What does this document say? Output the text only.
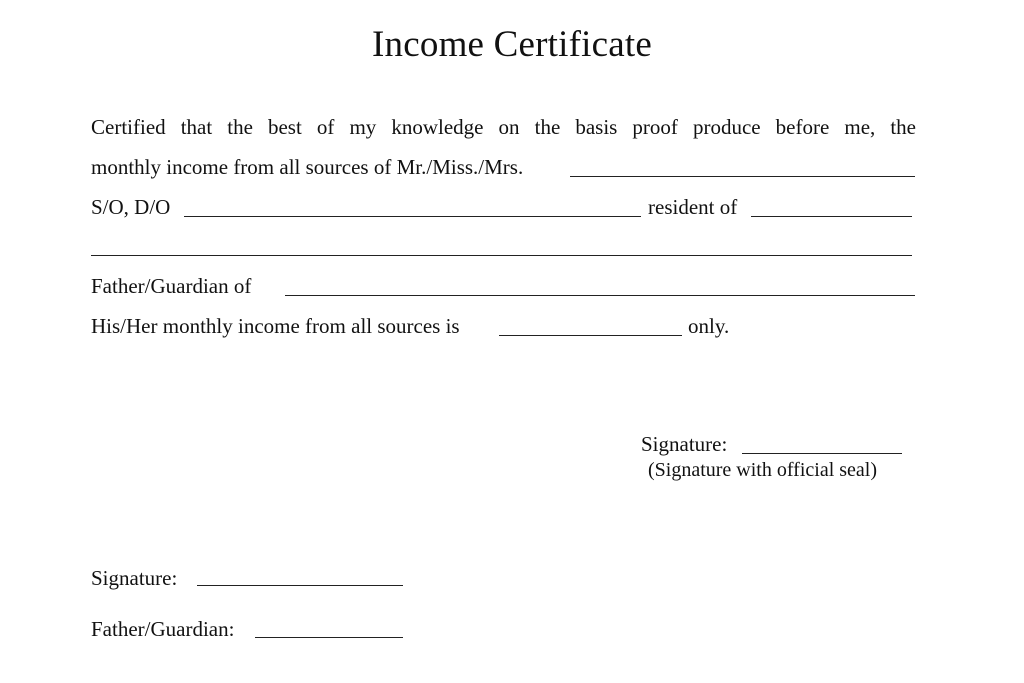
Income Certificate
Certified that the best of my knowledge on the basis proof produce before me, the
monthly income from all sources of Mr./Miss./Mrs.
S/O, D/O	resident of
Father/Guardian of
His/Her monthly income from all sources is	only.
Signature:
(Signature with official seal)
Signature:
Father/Guardian:
